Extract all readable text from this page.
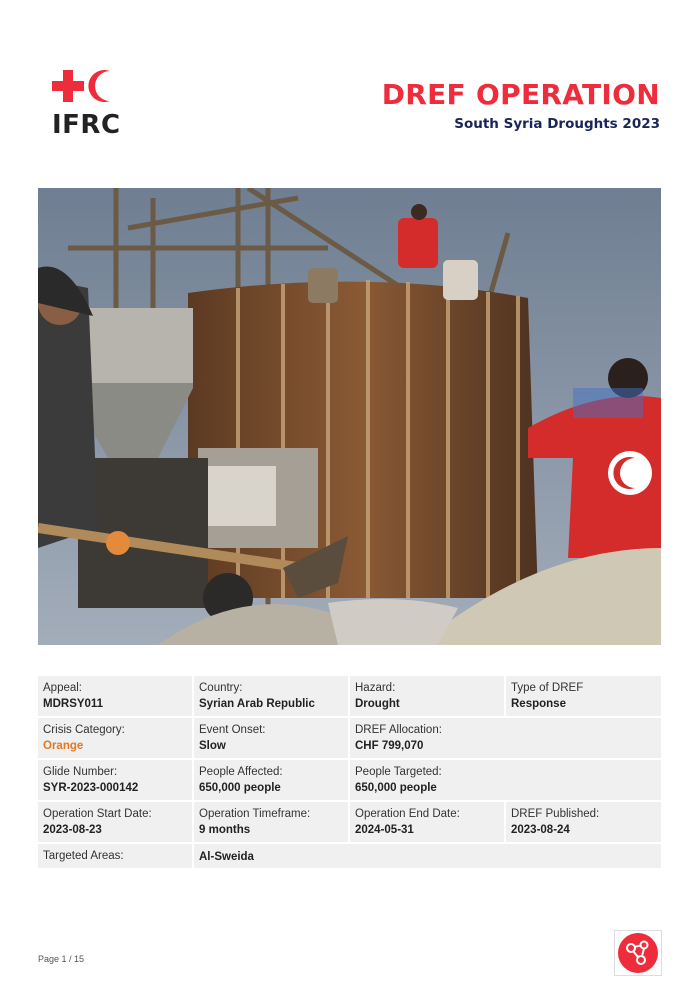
IFRC
DREF OPERATION
South Syria Droughts 2023
Appeal:
MDRSY011
Country:
Syrian Arab Republic
Hazard:
Drought
Type of DREF
Response
Crisis Category:
Orange
Event Onset:
Slow
DREF Allocation:
CHF 799,070
Glide Number:
SYR-2023-000142
People Affected:
650,000 people
People Targeted:
650,000 people
Operation Start Date:
2023-08-23
Operation Timeframe:
9 months
Operation End Date:
2024-05-31
DREF Published:
2023-08-24
Targeted Areas:	Al-Sweida
Page 1 / 15
